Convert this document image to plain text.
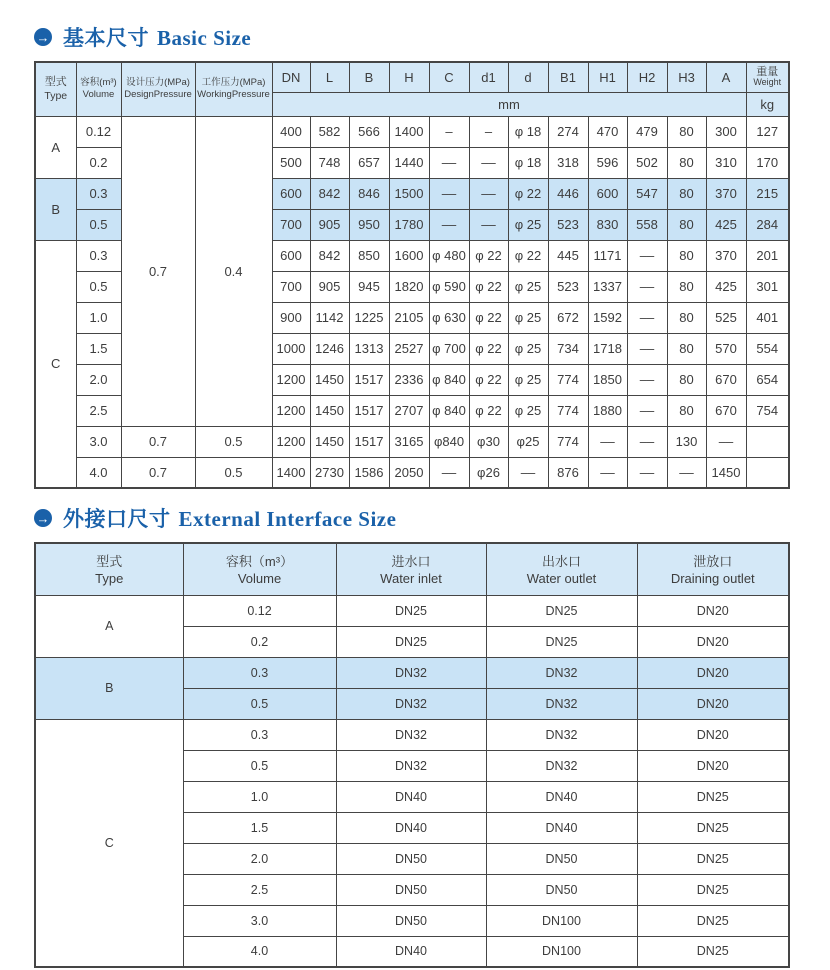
→ 基本尺寸 Basic Size
型式
Type

容积(m³)
Volume

设计压力(MPa)
DesignPressure

工作压力(MPa)
WorkingPressure
	DN	L	B	H	C	d1	d	B1	H1	H2	H3	A	重量
Weight

				mm												kg
A	0.12	0.7	0.4	400	582	566	1400	–	–	φ 18	274	470	479	80	300	127
	0.2			500	748	657	1440	––	––	φ 18	318	596	502	80	310	170
B	0.3			600	842	846	1500	––	––	φ 22	446	600	547	80	370	215
	0.5			700	905	950	1780	––	––	φ 25	523	830	558	80	425	284
C	0.3			600	842	850	1600	φ 480	φ 22	φ 22	445	1171	––	80	370	201
	0.5			700	905	945	1820	φ 590	φ 22	φ 25	523	1337	––	80	425	301
	1.0			900	1142	1225	2105	φ 630	φ 22	φ 25	672	1592	––	80	525	401
	1.5			1000	1246	1313	2527	φ 700	φ 22	φ 25	734	1718	––	80	570	554
	2.0			1200	1450	1517	2336	φ 840	φ 22	φ 25	774	1850	––	80	670	654
	2.5			1200	1450	1517	2707	φ 840	φ 22	φ 25	774	1880	––	80	670	754
	3.0	0.7	0.5	1200	1450	1517	3165	φ840	φ30	φ25	774	––	––	130	––	
	4.0	0.7	0.5	1400	2730	1586	2050	––	φ26	––	876	––	––	––	1450	
→ 外接口尺寸 External Interface Size
型式
Type

容积（m³）
Volume

进水口
Water inlet

出水口
Water outlet

泄放口
Draining outlet

A	0.12	DN25	DN25	DN20
	0.2	DN25	DN25	DN20
B	0.3	DN32	DN32	DN20
	0.5	DN32	DN32	DN20
C	0.3	DN32	DN32	DN20
	0.5	DN32	DN32	DN20
	1.0	DN40	DN40	DN25
	1.5	DN40	DN40	DN25
	2.0	DN50	DN50	DN25
	2.5	DN50	DN50	DN25
	3.0	DN50	DN100	DN25
	4.0	DN40	DN100	DN25
